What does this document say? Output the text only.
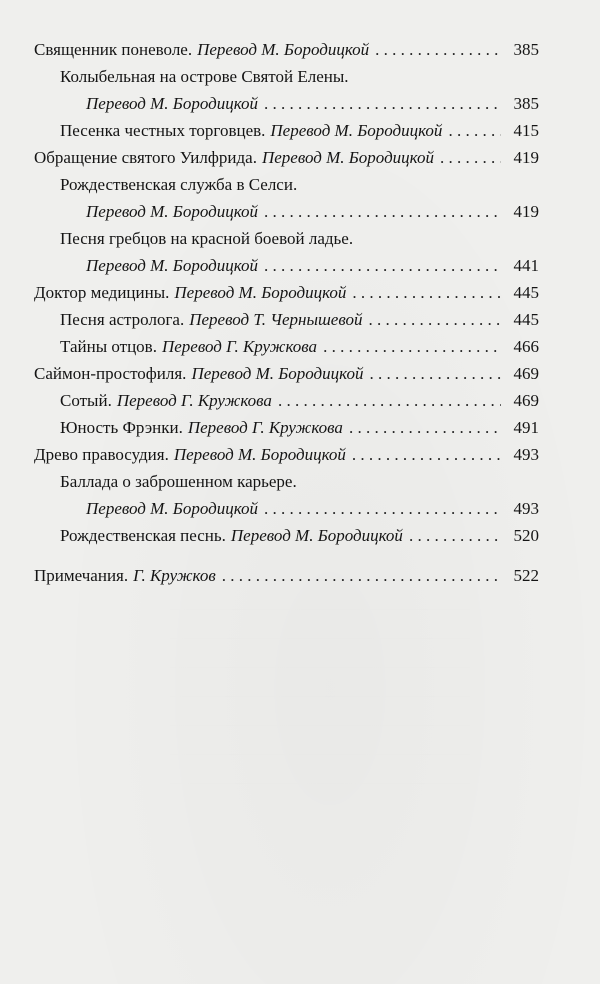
Священник поневоле. Перевод М. Бородицкой . . .	385
Колыбельная на острове Святой Елены.
Перевод М. Бородицкой . . .	385
Песенка честных торговцев. Перевод М. Бородицкой . . .	415
Обращение святого Уилфрида. Перевод М. Бородицкой . . .	419
Рождественская служба в Селси.
Перевод М. Бородицкой . . .	419
Песня гребцов на красной боевой ладье.
Перевод М. Бородицкой . . .	441
Доктор медицины. Перевод М. Бородицкой . . .	445
Песня астролога. Перевод Т. Чернышевой . . .	445
Тайны отцов. Перевод Г. Кружкова . . .	466
Саймон-простофиля. Перевод М. Бородицкой . . .	469
Сотый. Перевод Г. Кружкова . . .	469
Юность Фрэнки. Перевод Г. Кружкова . . .	491
Древо правосудия. Перевод М. Бородицкой . . .	493
Баллада о заброшенном карьере.
Перевод М. Бородицкой . . .	493
Рождественская песнь. Перевод М. Бородицкой . . .	520
Примечания. Г. Кружков . . .	522
